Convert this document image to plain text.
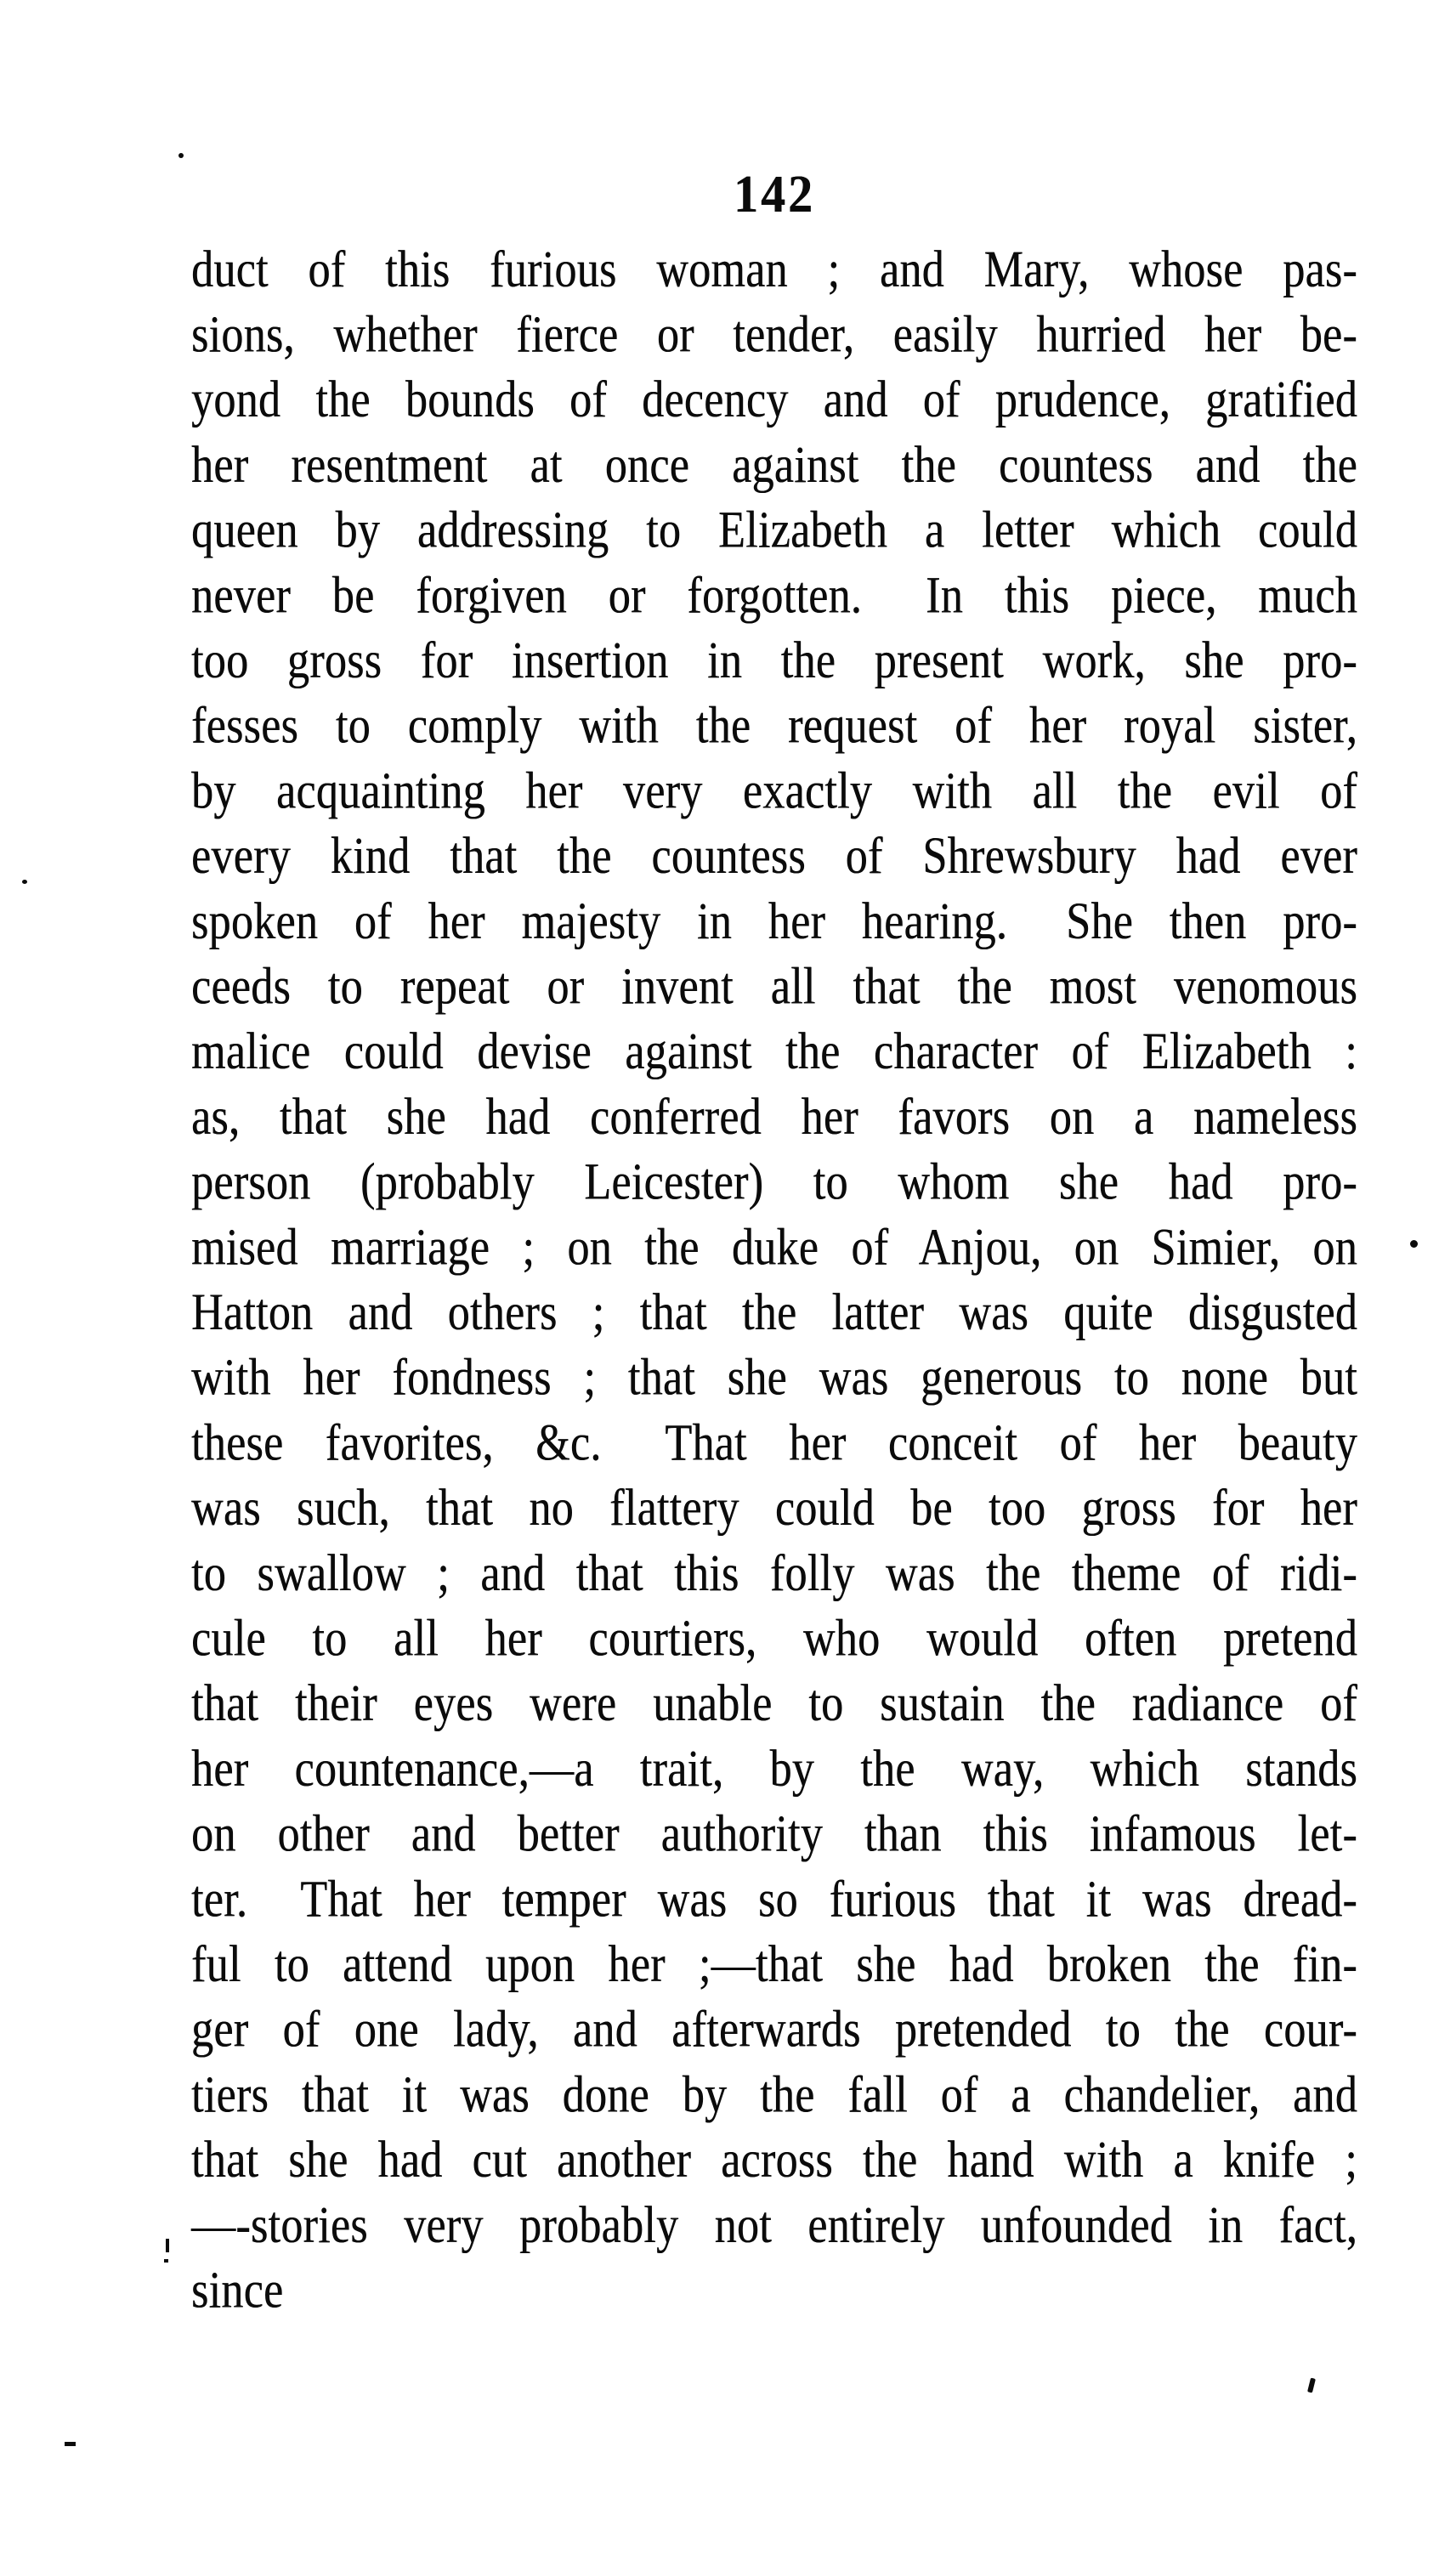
142
duct of this furious woman ; and Mary, whose pas-
sions, whether fierce or tender, easily hurried her be-
yond the bounds of decency and of prudence, gratified
her resentment at once against the countess and the
queen by addressing to Elizabeth a letter which could
never be forgiven or forgotten.  In this piece, much
too gross for insertion in the present work, she pro-
fesses to comply with the request of her royal sister,
by acquainting her very exactly with all the evil of
every kind that the countess of Shrewsbury had ever
spoken of her majesty in her hearing.  She then pro-
ceeds to repeat or invent all that the most venomous
malice could devise against the character of Elizabeth :
as, that she had conferred her favors on a nameless
person (probably Leicester) to whom she had pro-
mised marriage ; on the duke of Anjou, on Simier, on
Hatton and others ; that the latter was quite disgusted
with her fondness ; that she was generous to none but
these favorites, &c.  That her conceit of her beauty
was such, that no flattery could be too gross for her
to swallow ; and that this folly was the theme of ridi-
cule to all her courtiers, who would often pretend
that their eyes were unable to sustain the radiance of
her countenance,—a trait, by the way, which stands
on other and better authority than this infamous let-
ter.  That her temper was so furious that it was dread-
ful to attend upon her ;—that she had broken the fin-
ger of one lady, and afterwards pretended to the cour-
tiers that it was done by the fall of a chandelier, and
that she had cut another across the hand with a knife ;
—-stories very probably not entirely unfounded in fact,
since
